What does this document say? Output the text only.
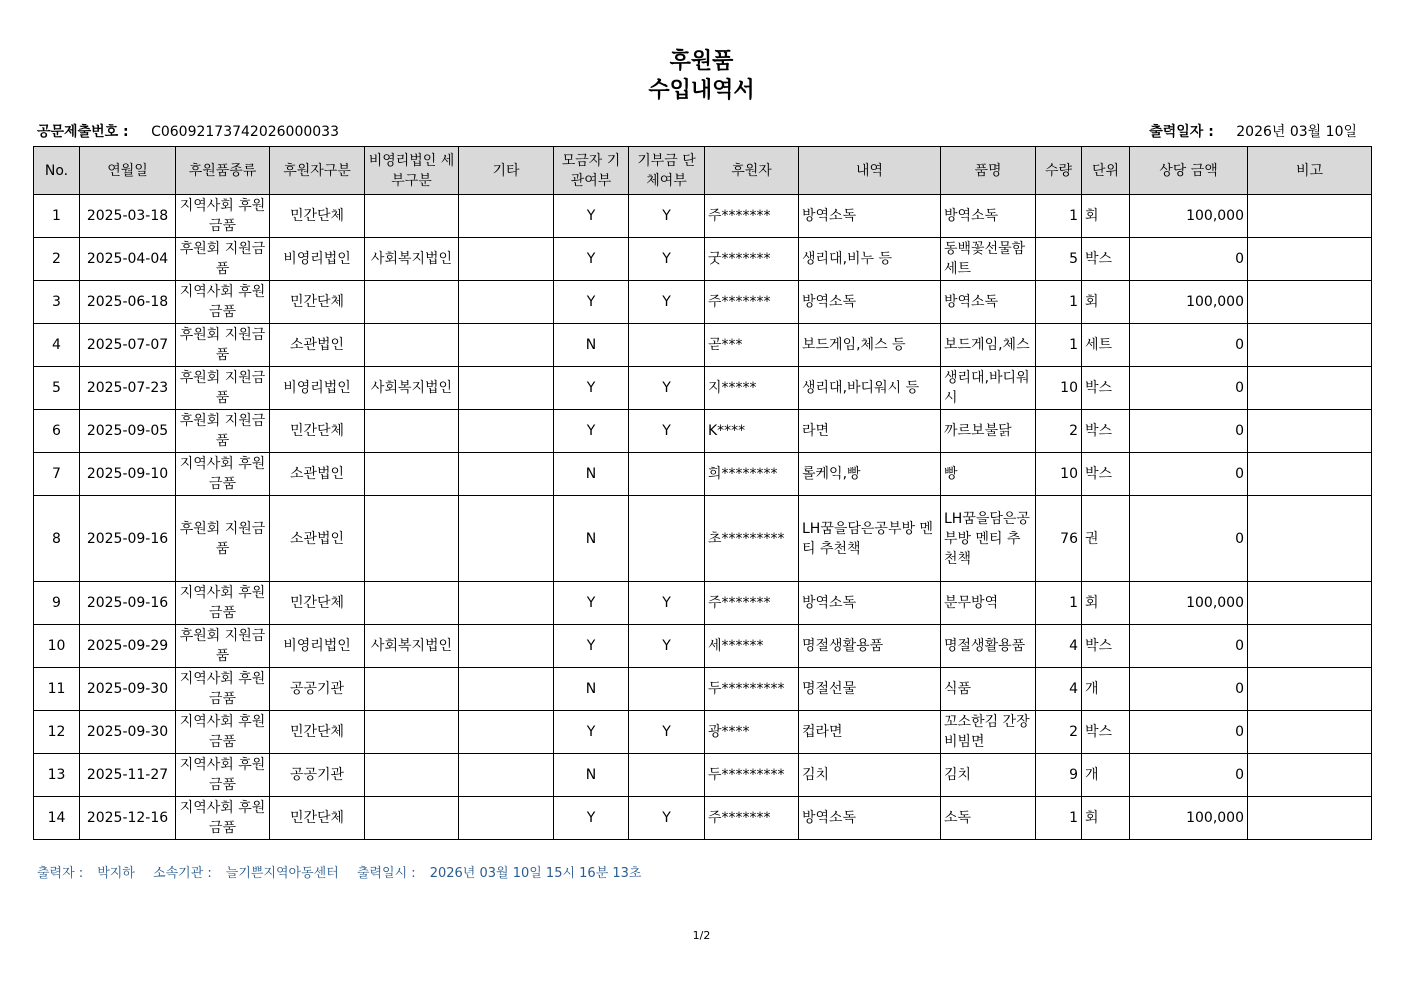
후원품
수입내역서
공문제출번호 : C06092173742026000033	출력일자 : 2026년 03월 10일
No.	연월일	후원품종류	후원자구분	비영리법인 세부구분	기타	모금자 기관여부	기부금 단체여부	후원자	내역	품명	수량	단위	상당 금액	비고
1	2025-03-18	지역사회 후원금품	민간단체			Y	Y	주*******	방역소독	방역소독	1	회	100,000	
2	2025-04-04	후원회 지원금품	비영리법인	사회복지법인		Y	Y	굿*******	생리대,비누 등	동백꽃선물함세트	5	박스	0	
3	2025-06-18	지역사회 후원금품	민간단체			Y	Y	주*******	방역소독	방역소독	1	회	100,000	
4	2025-07-07	후원회 지원금품	소관법인			N		곧***	보드게임,체스 등	보드게임,체스	1	세트	0	
5	2025-07-23	후원회 지원금품	비영리법인	사회복지법인		Y	Y	지*****	생리대,바디워시 등	생리대,바디워시	10	박스	0	
6	2025-09-05	후원회 지원금품	민간단체			Y	Y	K****	라면	까르보불닭	2	박스	0	
7	2025-09-10	지역사회 후원금품	소관법인			N		희********	롤케익,빵	빵	10	박스	0	
8	2025-09-16	후원회 지원금품	소관법인			N		초*********	LH꿈을담은공부방 멘티 추천책	LH꿈을담은공부방 멘티 추천책	76	권	0	
9	2025-09-16	지역사회 후원금품	민간단체			Y	Y	주*******	방역소독	분무방역	1	회	100,000	
10	2025-09-29	후원회 지원금품	비영리법인	사회복지법인		Y	Y	세******	명절생활용품	명절생활용품	4	박스	0	
11	2025-09-30	지역사회 후원금품	공공기관			N		두*********	명절선물	식품	4	개	0	
12	2025-09-30	지역사회 후원금품	민간단체			Y	Y	광****	컵라면	꼬소한김 간장비빔면	2	박스	0	
13	2025-11-27	지역사회 후원금품	공공기관			N		두*********	김치	김치	9	개	0	
14	2025-12-16	지역사회 후원금품	민간단체			Y	Y	주*******	방역소독	소독	1	회	100,000	
출력자 : 박지하 소속기관 : 늘기쁜지역아동센터 출력일시 : 2026년 03월 10일 15시 16분 13초
1/2
